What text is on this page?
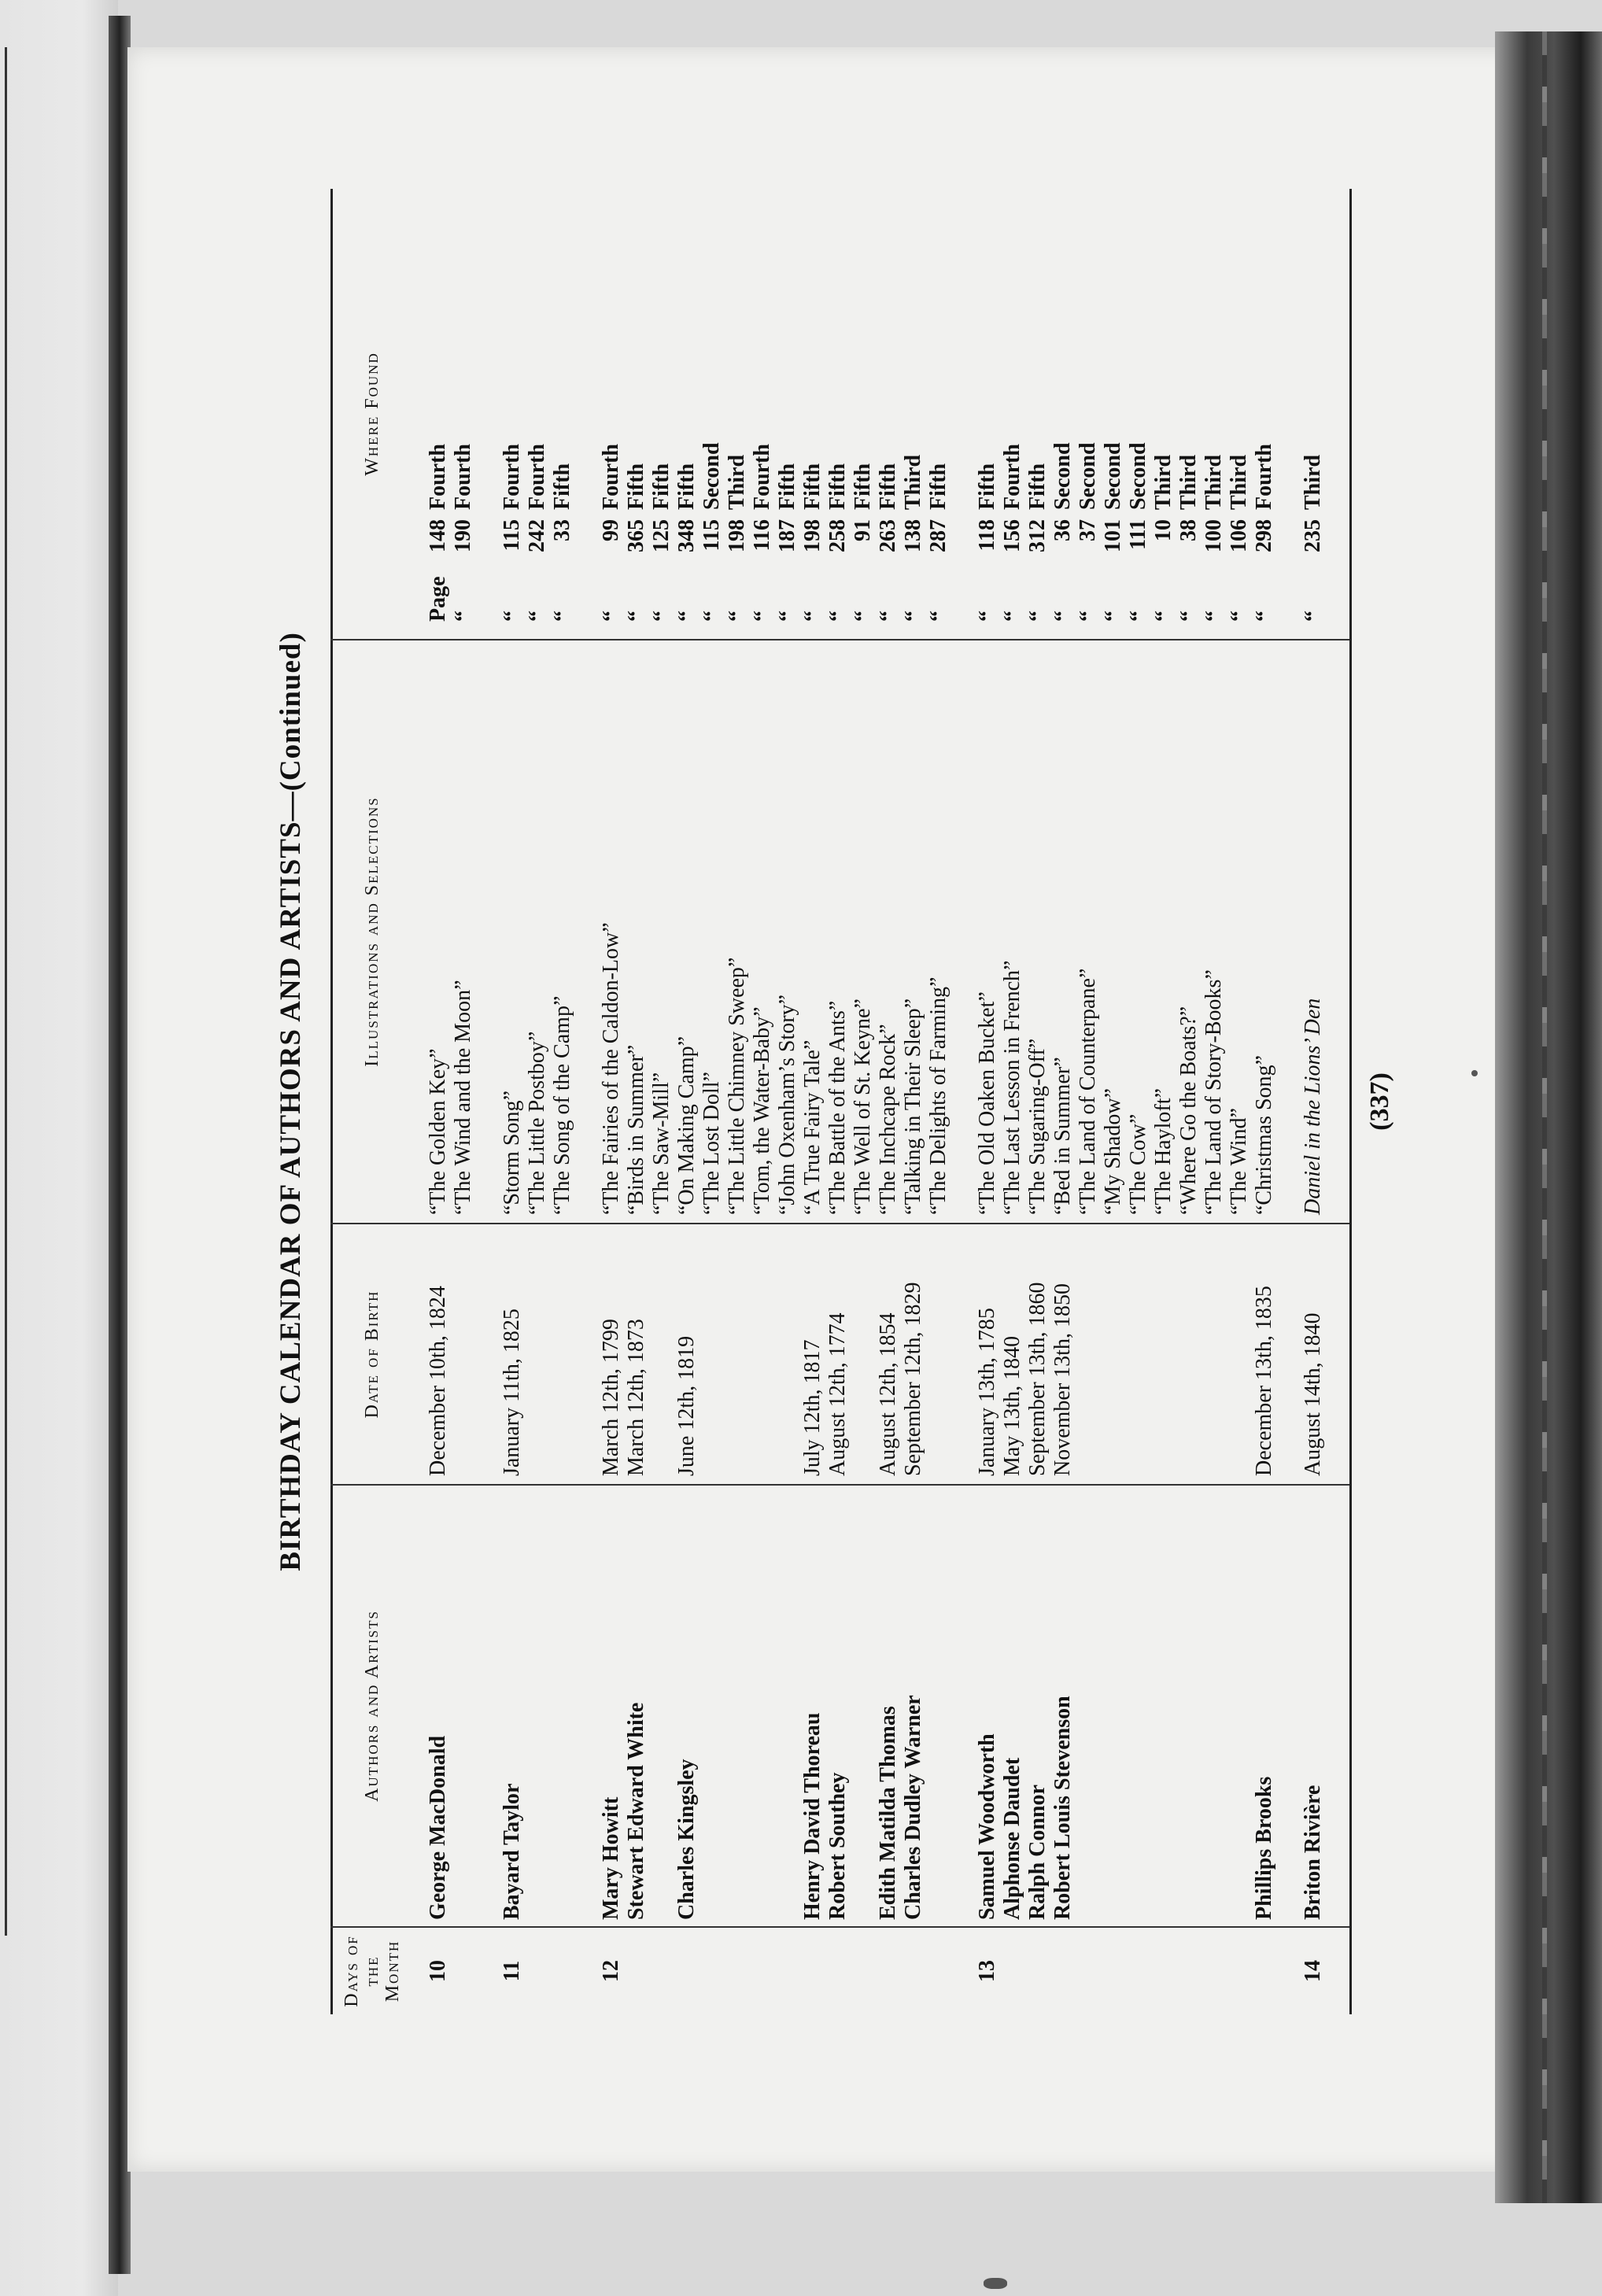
BIRTHDAY CALENDAR OF AUTHORS AND ARTISTS—(Continued)
Days of the Month
Authors and Artists
Date of Birth
Illustrations and Selections
Where Found
10
George MacDonald
December 10th, 1824
“The Golden Key”
Page
148
Fourth
“The Wind and the Moon”
“
190
Fourth
11
Bayard Taylor
January 11th, 1825
“Storm Song”
“
115
Fourth
“The Little Postboy”
“
242
Fourth
“The Song of the Camp”
“
33
Fifth
12
Mary Howitt
March 12th, 1799
“The Fairies of the Caldon-Low”
“
99
Fourth
Stewart Edward White
March 12th, 1873
“Birds in Summer”
“
365
Fifth
“The Saw-Mill”
“
125
Fifth
Charles Kingsley
June 12th, 1819
“On Making Camp”
“
348
Fifth
“The Lost Doll”
“
115
Second
“The Little Chimney Sweep”
“
198
Third
“Tom, the Water-Baby”
“
116
Fourth
“John Oxenham’s Story”
“
187
Fifth
Henry David Thoreau
July 12th, 1817
“A True Fairy Tale”
“
198
Fifth
Robert Southey
August 12th, 1774
“The Battle of the Ants”
“
258
Fifth
“The Well of St. Keyne”
“
91
Fifth
Edith Matilda Thomas
August 12th, 1854
“The Inchcape Rock”
“
263
Fifth
Charles Dudley Warner
September 12th, 1829
“Talking in Their Sleep”
“
138
Third
“The Delights of Farming”
“
287
Fifth
13
Samuel Woodworth
January 13th, 1785
“The Old Oaken Bucket”
“
118
Fifth
Alphonse Daudet
May 13th, 1840
“The Last Lesson in French”
“
156
Fourth
Ralph Connor
September 13th, 1860
“The Sugaring-Off”
“
312
Fifth
Robert Louis Stevenson
November 13th, 1850
“Bed in Summer”
“
36
Second
“The Land of Counterpane”
“
37
Second
“My Shadow”
“
101
Second
“The Cow”
“
111
Second
“The Hayloft”
“
10
Third
“Where Go the Boats?”
“
38
Third
“The Land of Story-Books”
“
100
Third
“The Wind”
“
106
Third
Phillips Brooks
December 13th, 1835
“Christmas Song”
“
298
Fourth
14
Briton Rivière
August 14th, 1840
Daniel in the Lions’ Den
“
235
Third
(337)
